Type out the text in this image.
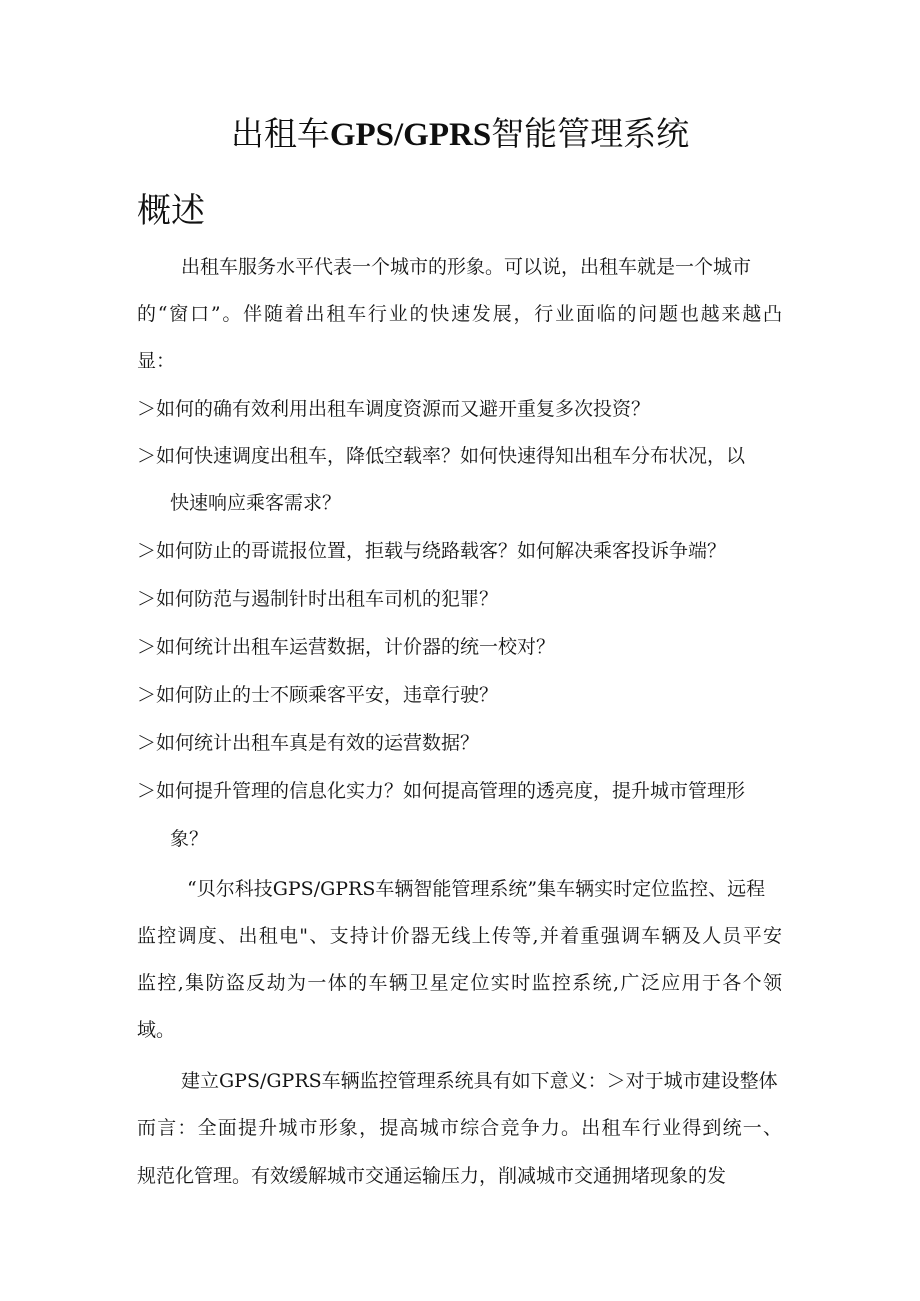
出租车GPS/GPRS智能管理系统
概述
出租车服务水平代表一个城市的形象。可以说，出租车就是一个城市
的“窗口”。伴随着出租车行业的快速发展，行业面临的问题也越来越凸
显：
＞如何的确有效利用出租车调度资源而又避开重复多次投资？
＞如何快速调度出租车，降低空载率？如何快速得知出租车分布状况，以
快速响应乘客需求？
＞如何防止的哥谎报位置，拒载与绕路载客？如何解决乘客投诉争端？
＞如何防范与遏制针时出租车司机的犯罪？
＞如何统计出租车运营数据，计价器的统一校对？
＞如何防止的士不顾乘客平安，违章行驶？
＞如何统计出租车真是有效的运营数据？
＞如何提升管理的信息化实力？如何提高管理的透亮度，提升城市管理形
象？
“贝尔科技GPS/GPRS车辆智能管理系统”集车辆实时定位监控、远程
监控调度、出租电"、支持计价器无线上传等,并着重强调车辆及人员平安
监控,集防盗反劫为一体的车辆卫星定位实时监控系统,广泛应用于各个领
域。
建立GPS/GPRS车辆监控管理系统具有如下意义：＞对于城市建设整体
而言：全面提升城市形象，提高城市综合竞争力。出租车行业得到统一、
规范化管理。有效缓解城市交通运输压力，削减城市交通拥堵现象的发
